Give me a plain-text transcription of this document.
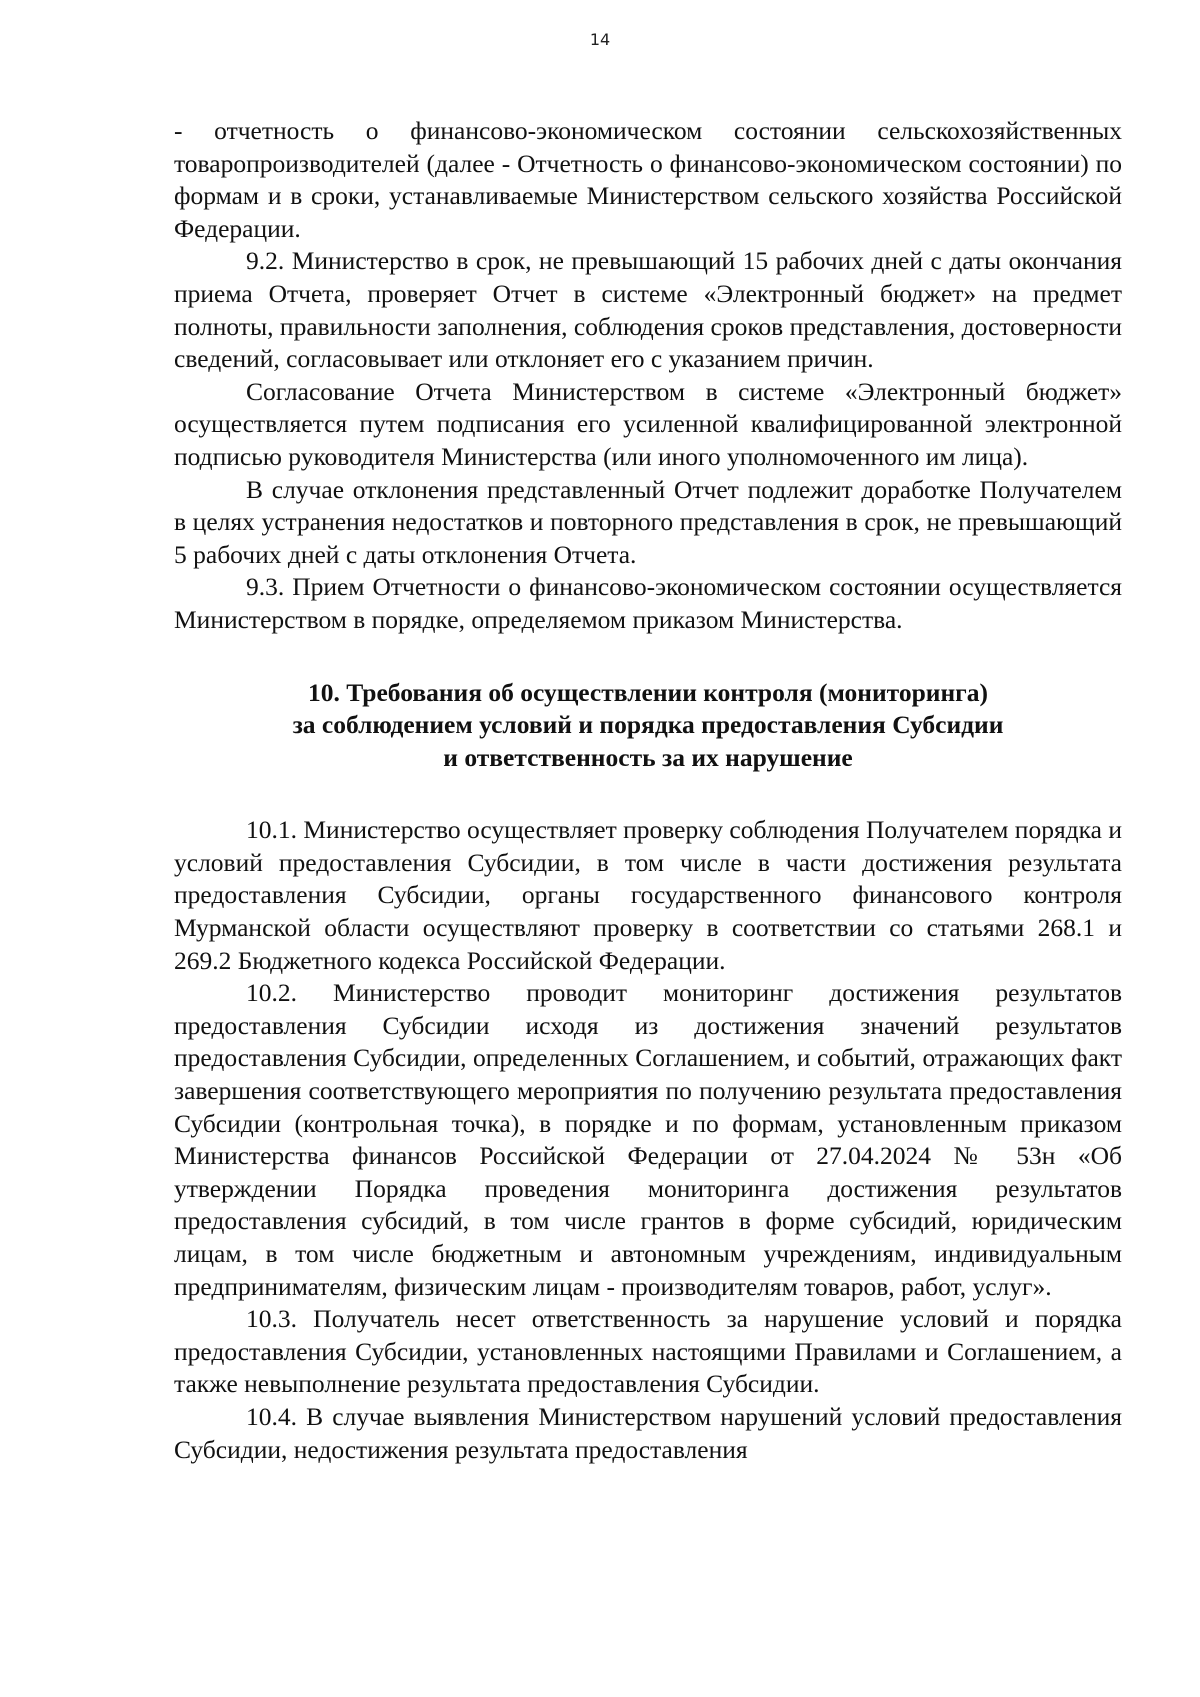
14

- отчетность о финансово-экономическом состоянии сельскохозяйственных товаропроизводителей (далее - Отчетность о финансово-экономическом состоянии) по формам и в сроки, устанавливаемые Министерством сельского хозяйства Российской Федерации.

9.2. Министерство в срок, не превышающий 15 рабочих дней с даты окончания приема Отчета, проверяет Отчет в системе «Электронный бюджет» на предмет полноты, правильности заполнения, соблюдения сроков представления, достоверности сведений, согласовывает или отклоняет его с указанием причин.

Согласование Отчета Министерством в системе «Электронный бюджет» осуществляется путем подписания его усиленной квалифицированной электронной подписью руководителя Министерства (или иного уполномоченного им лица).

В случае отклонения представленный Отчет подлежит доработке Получателем в целях устранения недостатков и повторного представления в срок, не превышающий 5 рабочих дней с даты отклонения Отчета.

9.3. Прием Отчетности о финансово-экономическом состоянии осуществляется Министерством в порядке, определяемом приказом Министерства.

10. Требования об осуществлении контроля (мониторинга)
за соблюдением условий и порядка предоставления Субсидии
и ответственность за их нарушение

10.1. Министерство осуществляет проверку соблюдения Получателем порядка и условий предоставления Субсидии, в том числе в части достижения результата предоставления Субсидии, органы государственного финансового контроля Мурманской области осуществляют проверку в соответствии со статьями 268.1 и 269.2 Бюджетного кодекса Российской Федерации.

10.2. Министерство проводит мониторинг достижения результатов предоставления Субсидии исходя из достижения значений результатов предоставления Субсидии, определенных Соглашением, и событий, отражающих факт завершения соответствующего мероприятия по получению результата предоставления Субсидии (контрольная точка), в порядке и по формам, установленным приказом Министерства финансов Российской Федерации от 27.04.2024 № 53н «Об утверждении Порядка проведения мониторинга достижения результатов предоставления субсидий, в том числе грантов в форме субсидий, юридическим лицам, в том числе бюджетным и автономным учреждениям, индивидуальным предпринимателям, физическим лицам - производителям товаров, работ, услуг».

10.3. Получатель несет ответственность за нарушение условий и порядка предоставления Субсидии, установленных настоящими Правилами и Соглашением, а также невыполнение результата предоставления Субсидии.

10.4. В случае выявления Министерством нарушений условий предоставления Субсидии, недостижения результата предоставления
